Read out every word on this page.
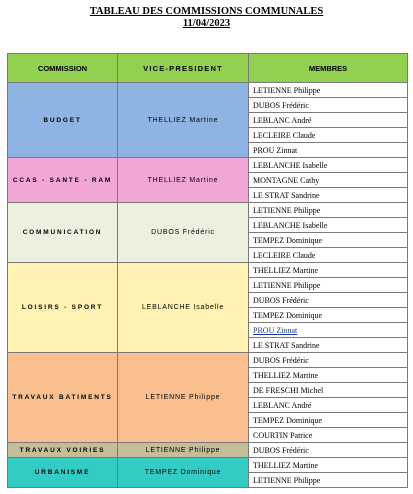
TABLEAU DES COMMISSIONS COMMUNALES
11/04/2023
COMMISSION	VICE-PRESIDENT	MEMBRES
BUDGET	THELLIEZ Martine	LETIENNE Philippe
		DUBOS Frédéric
		LEBLANC André
		LECLEIRE Claude
		PROU Zinnat
CCAS - SANTE - RAM	THELLIEZ Martine	LEBLANCHE Isabelle
		MONTAGNE Cathy
		LE STRAT Sandrine
COMMUNICATION	DUBOS Frédéric	LETIENNE Philippe
		LEBLANCHE Isabelle
		TEMPEZ Dominique
		LECLEIRE Claude
LOISIRS - SPORT	LEBLANCHE Isabelle	THELLIEZ Martine
		LETIENNE Philippe
		DUBOS Frédéric
		TEMPEZ Dominique
		PROU Zinnat
		LE STRAT Sandrine
TRAVAUX BATIMENTS	LETIENNE Philippe	DUBOS Frédéric
		THELLIEZ Martine
		DE FRESCHI Michel
		LEBLANC André
		TEMPEZ Dominique
		COURTIN Patrice
TRAVAUX VOIRIES	LETIENNE Philippe	DUBOS Frédéric
URBANISME	TEMPEZ Dominique	THELLIEZ Martine
		LETIENNE Philippe
